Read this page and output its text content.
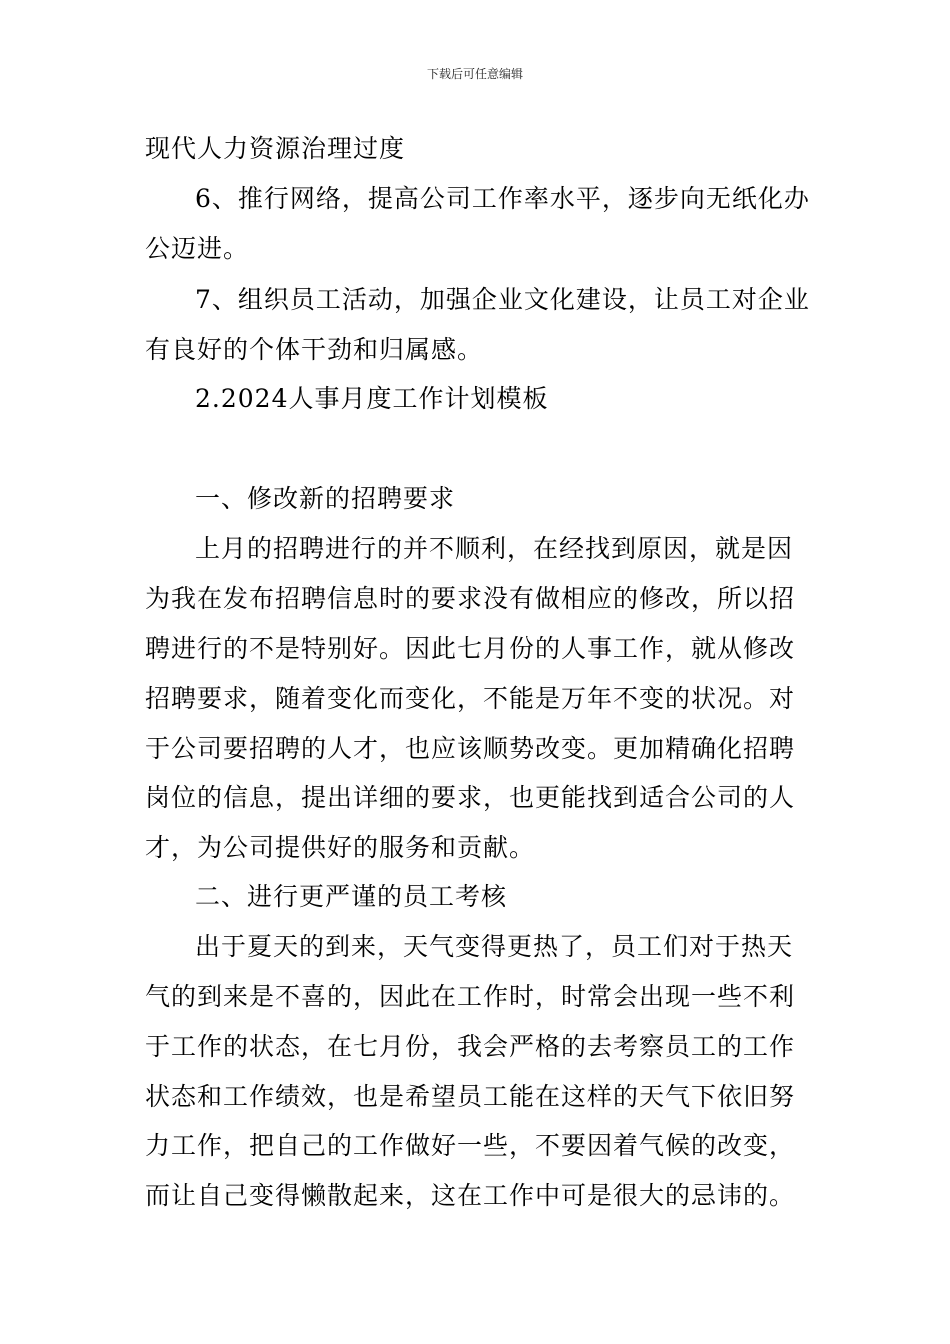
下载后可任意编辑
现代人力资源治理过度
6、推行网络，提高公司工作率水平，逐步向无纸化办
公迈进。
7、组织员工活动，加强企业文化建设，让员工对企业
有良好的个体干劲和归属感。
2.2024人事月度工作计划模板
一、修改新的招聘要求
上月的招聘进行的并不顺利，在经找到原因，就是因
为我在发布招聘信息时的要求没有做相应的修改，所以招
聘进行的不是特别好。因此七月份的人事工作，就从修改
招聘要求，随着变化而变化，不能是万年不变的状况。对
于公司要招聘的人才，也应该顺势改变。更加精确化招聘
岗位的信息，提出详细的要求，也更能找到适合公司的人
才，为公司提供好的服务和贡献。
二、进行更严谨的员工考核
出于夏天的到来，天气变得更热了，员工们对于热天
气的到来是不喜的，因此在工作时，时常会出现一些不利
于工作的状态，在七月份，我会严格的去考察员工的工作
状态和工作绩效，也是希望员工能在这样的天气下依旧努
力工作，把自己的工作做好一些，不要因着气候的改变，
而让自己变得懒散起来，这在工作中可是很大的忌讳的。
